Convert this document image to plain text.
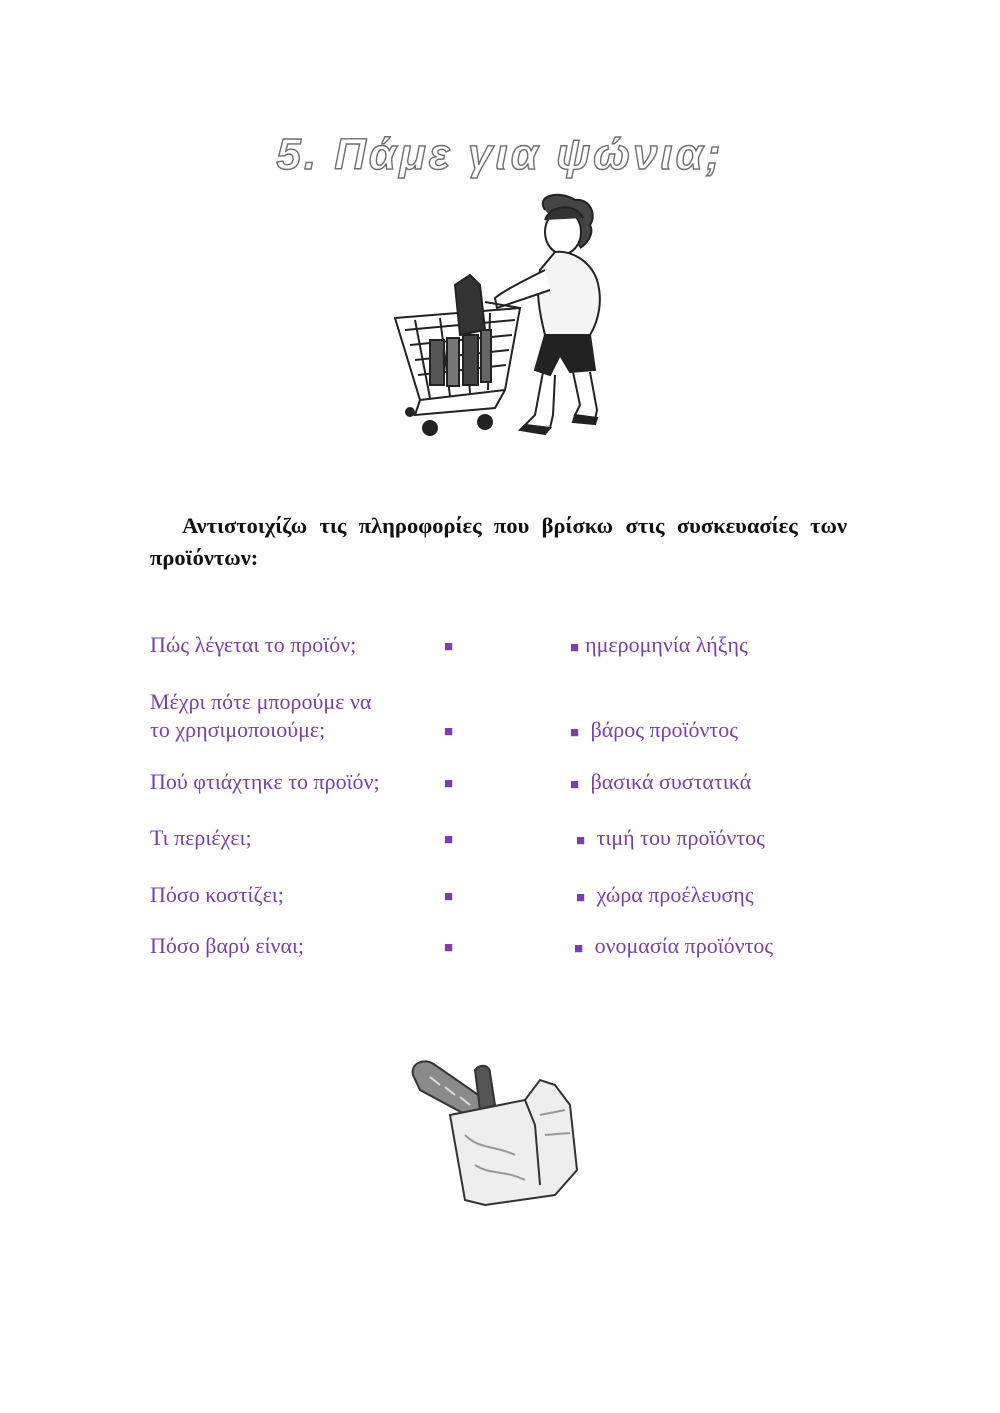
5. Πάμε για ψώνια;
Αντιστοιχίζω τις πληροφορίες που βρίσκω στις συσκευασίες των προϊόντων:
Πώς λέγεται το προϊόν;
Μέχρι πότε μπορούμε να
το χρησιμοποιούμε;
Πού φτιάχτηκε το προϊόν;
Τι περιέχει;
Πόσο κοστίζει;
Πόσο βαρύ είναι;
■
■
■
■
■
■
■ ημερομηνία λήξης
■ βάρος προϊόντος
■ βασικά συστατικά
■ τιμή του προϊόντος
■ χώρα προέλευσης
■ ονομασία προϊόντος
